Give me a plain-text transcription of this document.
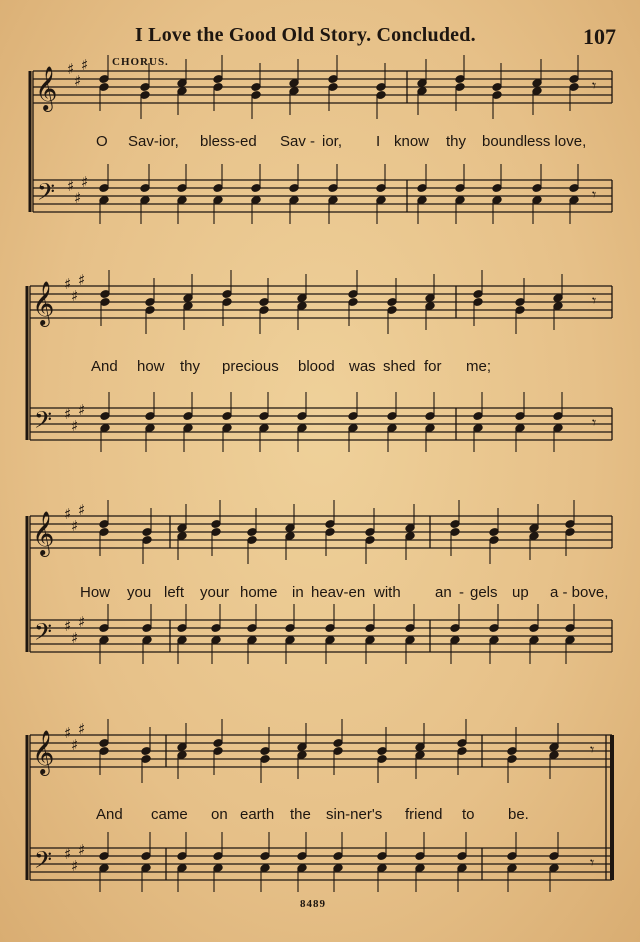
I Love the Good Old Story. Concluded.	107
CHORUS.
𝄞
𝄢
♯
♯
♯
♯
♯
♯
𝄾
𝄾
𝄞
𝄢
♯
♯
♯
♯
♯
♯
𝄾
𝄾
𝄞
𝄢
♯
♯
♯
♯
♯
♯
𝄞
𝄢
♯
♯
♯
♯
♯
♯
𝄾
𝄾
O Sav-ior, bless-ed Sav - ior, I know thy boundless love,
And how thy precious blood was shed for me;
How you left your home in heav-en with an - gels up a - bove,
And came on earth the sin-ner's friend to be.
8489
